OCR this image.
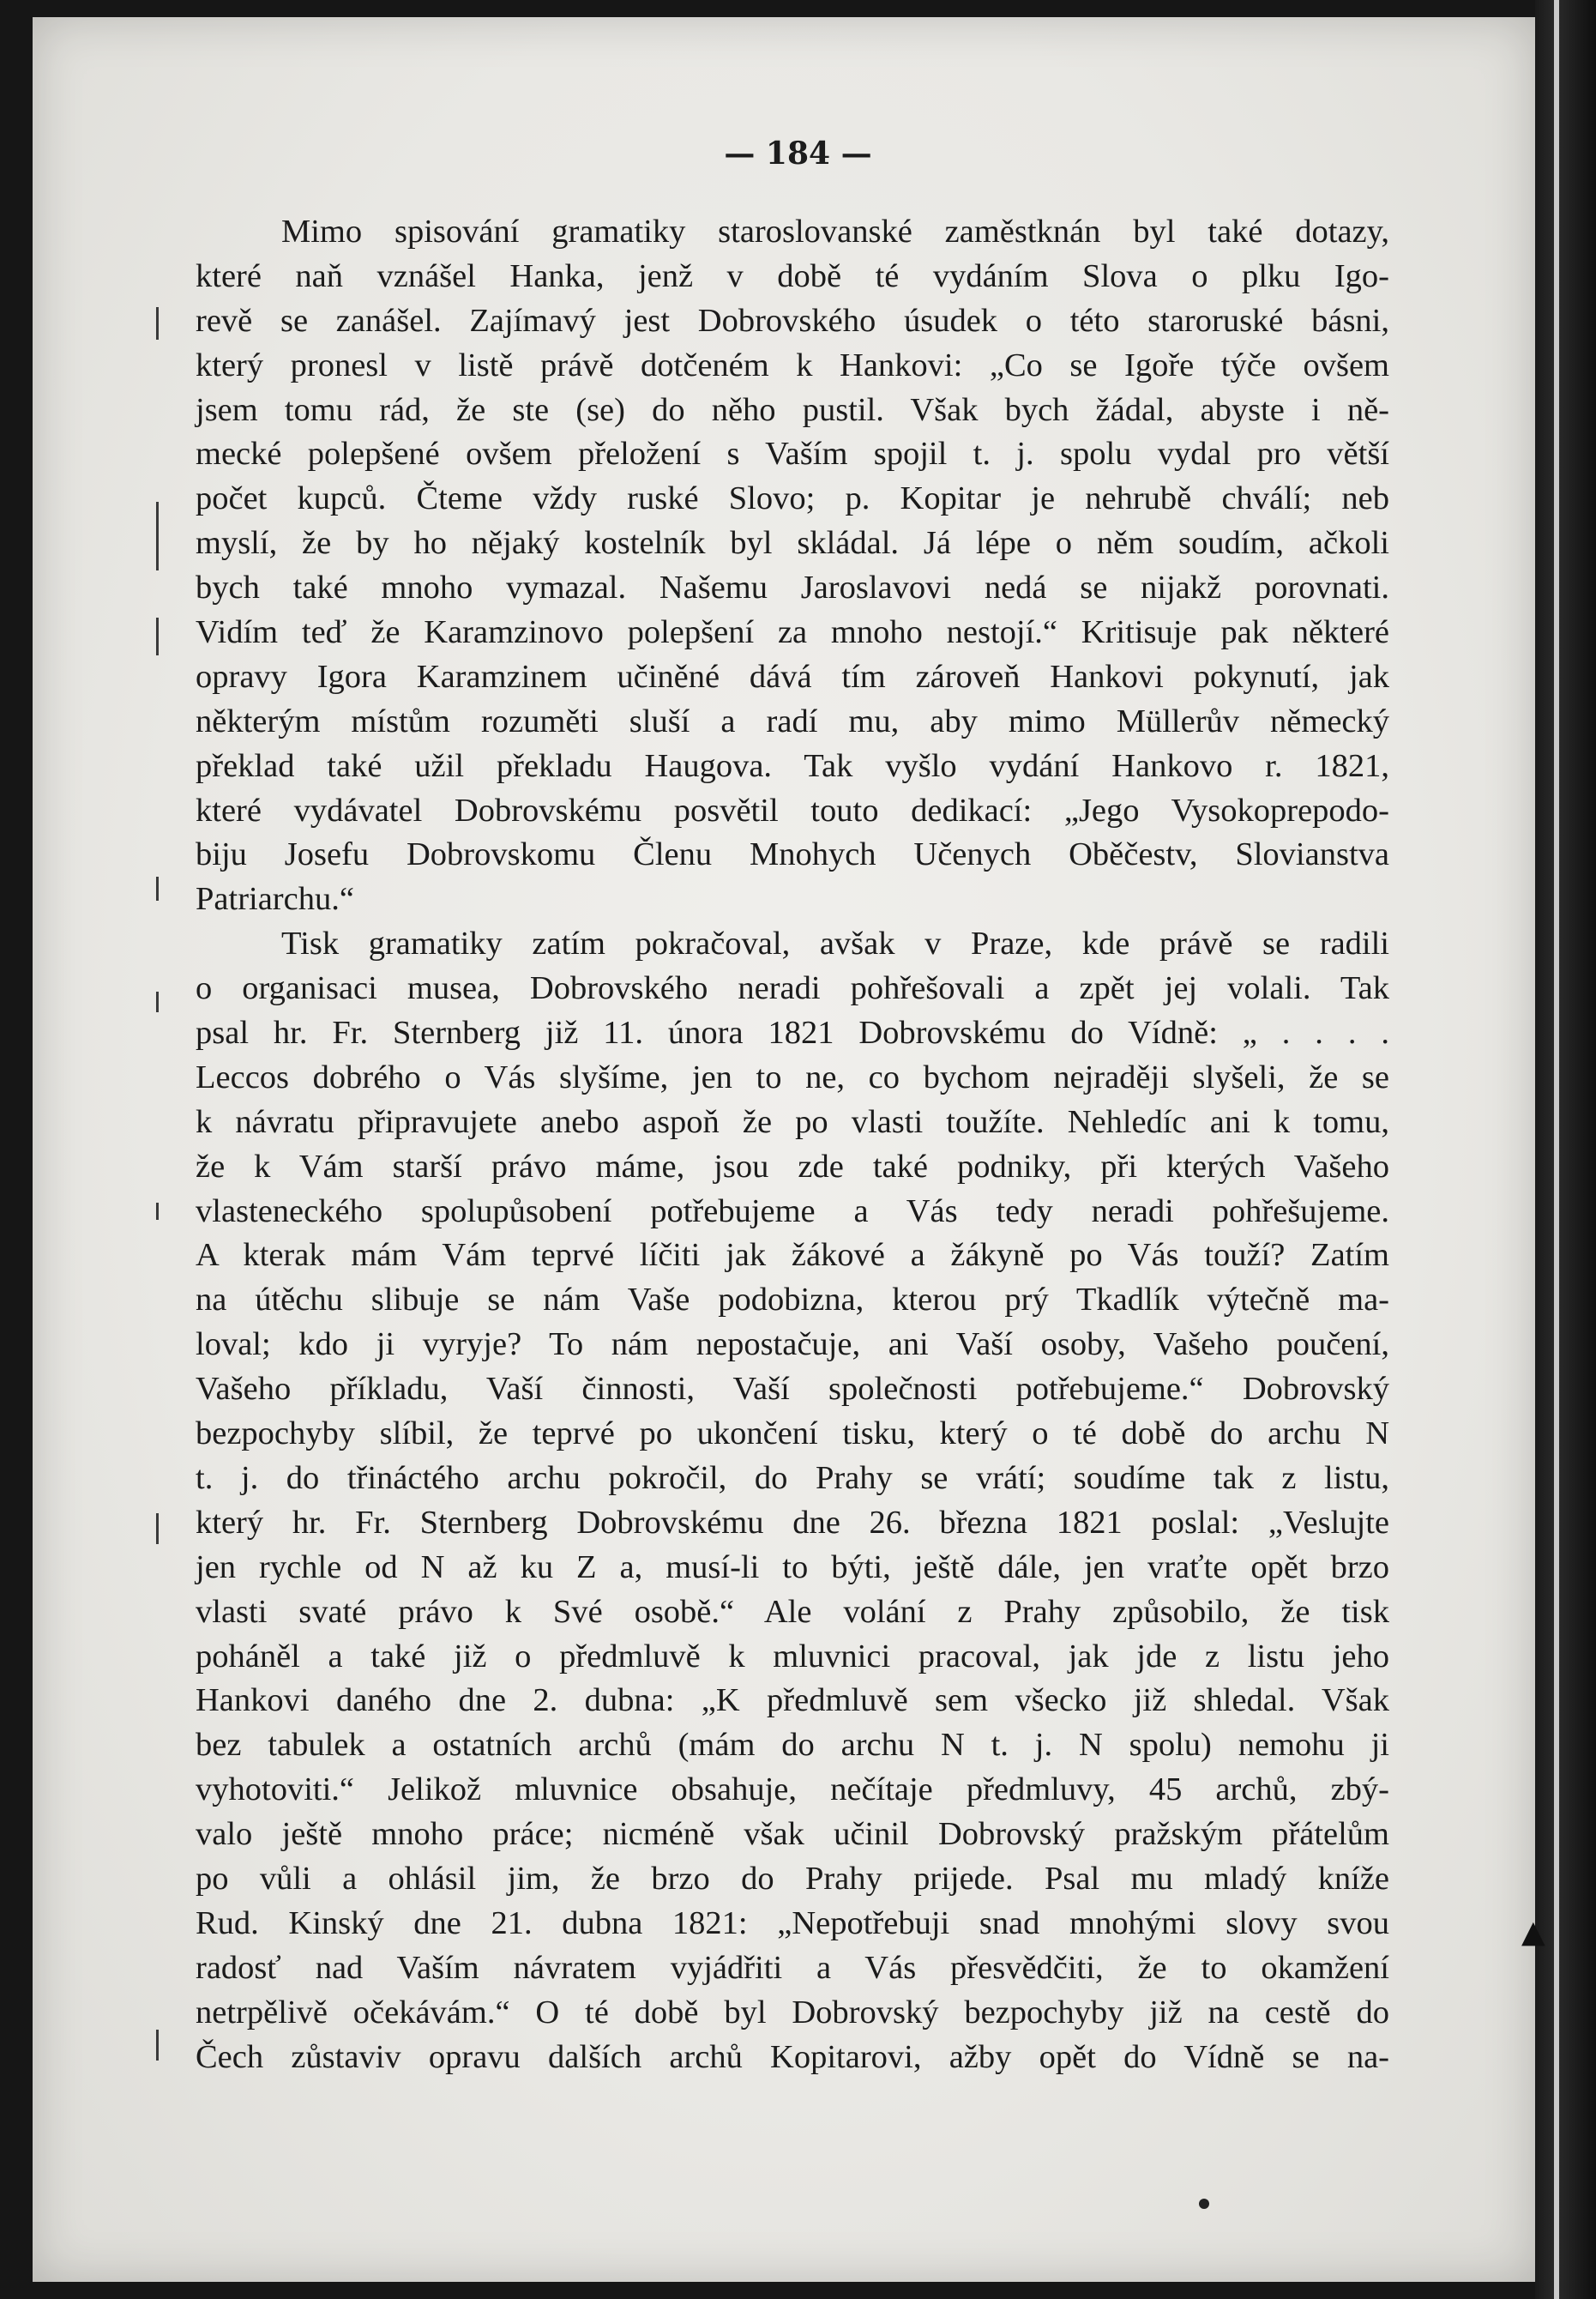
— 184 —
Mimo spisování gramatiky staroslovanské zaměstknán byl také dotazy,
které naň vznášel Hanka, jenž v době té vydáním Slova o plku Igo-
revě se zanášel. Zajímavý jest Dobrovského úsudek o této staroruské básni,
který pronesl v listě právě dotčeném k Hankovi: „Co se Igoře týče ovšem
jsem tomu rád, že ste (se) do něho pustil. Však bych žádal, abyste i ně-
mecké polepšené ovšem přeložení s Vaším spojil t. j. spolu vydal pro větší
počet kupců. Čteme vždy ruské Slovo; p. Kopitar je nehrubě chválí; neb
myslí, že by ho nějaký kostelník byl skládal. Já lépe o něm soudím, ačkoli
bych také mnoho vymazal. Našemu Jaroslavovi nedá se nijakž porovnati.
Vidím teď že Karamzinovo polepšení za mnoho nestojí.“ Kritisuje pak některé
opravy Igora Karamzinem učiněné dává tím zároveň Hankovi pokynutí, jak
některým místům rozuměti sluší a radí mu, aby mimo Müllerův německý
překlad také užil překladu Haugova. Tak vyšlo vydání Hankovo r. 1821,
které vydávatel Dobrovskému posvětil touto dedikací: „Jego Vysokoprepodo-
biju Josefu Dobrovskomu Členu Mnohych Učenych Oběčestv, Slovianstva
Patriarchu.“
Tisk gramatiky zatím pokračoval, avšak v Praze, kde právě se radili
o organisaci musea, Dobrovského neradi pohřešovali a zpět jej volali. Tak
psal hr. Fr. Sternberg již 11. února 1821 Dobrovskému do Vídně: „ . . . .
Leccos dobrého o Vás slyšíme, jen to ne, co bychom nejraději slyšeli, že se
k návratu připravujete anebo aspoň že po vlasti toužíte. Nehledíc ani k tomu,
že k Vám starší právo máme, jsou zde také podniky, při kterých Vašeho
vlasteneckého spolupůsobení potřebujeme a Vás tedy neradi pohřešujeme.
A kterak mám Vám teprvé líčiti jak žákové a žákyně po Vás touží? Zatím
na útěchu slibuje se nám Vaše podobizna, kterou prý Tkadlík výtečně ma-
loval; kdo ji vyryje? To nám nepostačuje, ani Vaší osoby, Vašeho poučení,
Vašeho příkladu, Vaší činnosti, Vaší společnosti potřebujeme.“ Dobrovský
bezpochyby slíbil, že teprvé po ukončení tisku, který o té době do archu N
t. j. do třináctého archu pokročil, do Prahy se vrátí; soudíme tak z listu,
který hr. Fr. Sternberg Dobrovskému dne 26. března 1821 poslal: „Veslujte
jen rychle od N až ku Z a, musí-li to býti, ještě dále, jen vraťte opět brzo
vlasti svaté právo k Své osobě.“ Ale volání z Prahy způsobilo, že tisk
poháněl a také již o předmluvě k mluvnici pracoval, jak jde z listu jeho
Hankovi daného dne 2. dubna: „K předmluvě sem všecko již shledal. Však
bez tabulek a ostatních archů (mám do archu N t. j. N spolu) nemohu ji
vyhotoviti.“ Jelikož mluvnice obsahuje, nečítaje předmluvy, 45 archů, zbý-
valo ještě mnoho práce; nicméně však učinil Dobrovský pražským přátelům
po vůli a ohlásil jim, že brzo do Prahy prijede. Psal mu mladý kníže
Rud. Kinský dne 21. dubna 1821: „Nepotřebuji snad mnohými slovy svou
radosť nad Vaším návratem vyjádřiti a Vás přesvědčiti, že to okamžení
netrpělivě očekávám.“ O té době byl Dobrovský bezpochyby již na cestě do
Čech zůstaviv opravu dalších archů Kopitarovi, ažby opět do Vídně se na-
▲
